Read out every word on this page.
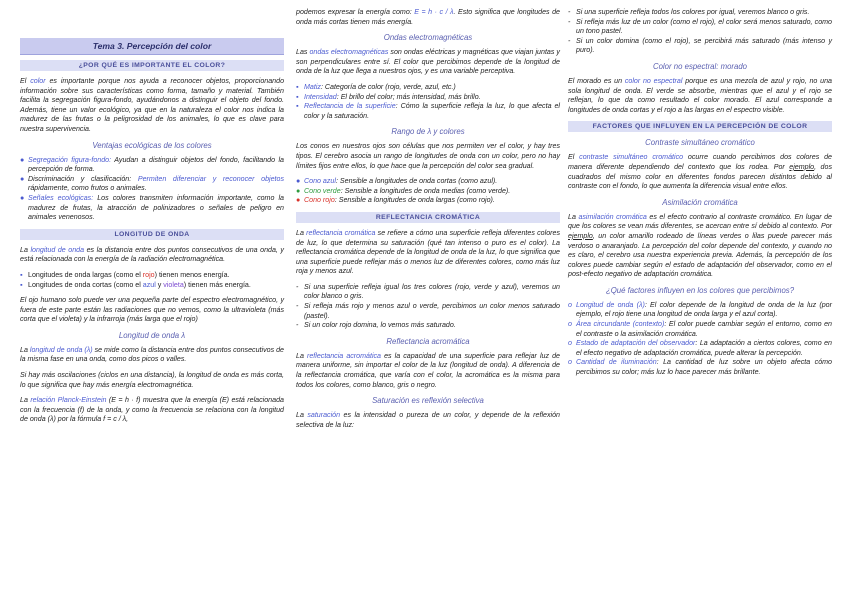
Tema 3. Percepción del color
¿POR QUÉ ES IMPORTANTE EL COLOR?

El color es importante porque nos ayuda a reconocer objetos, proporcionando información sobre sus características como forma, tamaño y material. También facilita la segregación figura-fondo, ayudándonos a distinguir el objeto del fondo. Además, tiene un valor ecológico, ya que en la naturaleza el color nos indica la madurez de las frutas o la peligrosidad de los animales, lo que es clave para nuestra supervivencia.

Ventajas ecológicas de los colores
● Segregación figura-fondo: Ayudan a distinguir objetos del fondo, facilitando la percepción de forma.
● Discriminación y clasificación: Permiten diferenciar y reconocer objetos rápidamente, como frutos o animales.
● Señales ecológicas: Los colores transmiten información importante, como la madurez de frutas, la atracción de polinizadores o señales de peligro en animales venenosos.
LONGITUD DE ONDA

La longitud de onda es la distancia entre dos puntos consecutivos de una onda, y está relacionada con la energía de la radiación electromagnética.

▪ Longitudes de onda largas (como el rojo) tienen menos energía.
▪ Longitudes de onda cortas (como el azul y violeta) tienen más energía.

El ojo humano solo puede ver una pequeña parte del espectro electromagnético, y fuera de este parte están las radiaciones que no vemos, como la ultravioleta (más corta que el violeta) y la infrarroja (más larga que el rojo)

Longitud de onda λ

La longitud de onda (λ) se mide como la distancia entre dos puntos consecutivos de la misma fase en una onda, como dos picos o valles.

Si hay más oscilaciones (ciclos en una distancia), la longitud de onda es más corta, lo que significa que hay más energía electromagnética.

La relación Planck-Einstein (E = h · f) muestra que la energía (E) está relacionada con la frecuencia (f) de la onda, y como la frecuencia se relaciona con la longitud de onda (λ) por la fórmula f = c / λ,

podemos expresar la energía como: E = h · c / λ. Esto significa que longitudes de onda más cortas tienen más energía.

Ondas electromagnéticas

Las ondas electromagnéticas son ondas eléctricas y magnéticas que viajan juntas y son perpendiculares entre sí. El color que percibimos depende de la longitud de onda de la luz que llega a nuestros ojos, y es una variable perceptiva.

▪ Matiz: Categoría de color (rojo, verde, azul, etc.)
▪ Intensidad: El brillo del color; más intensidad, más brillo.
▪ Reflectancia de la superficie: Cómo la superficie refleja la luz, lo que afecta el color y la saturación.
Rango de λ y colores

Los conos en nuestros ojos son células que nos permiten ver el color, y hay tres tipos. El cerebro asocia un rango de longitudes de onda con un color, pero no hay límites fijos entre ellos, lo que hace que la percepción del color sea gradual.

● Cono azul: Sensible a longitudes de onda cortas (como azul).
● Cono verde: Sensible a longitudes de onda medias (como verde).
● Cono rojo: Sensible a longitudes de onda largas (como rojo).
REFLECTANCIA CROMÁTICA

La reflectancia cromática se refiere a cómo una superficie refleja diferentes colores de luz, lo que determina su saturación (qué tan intenso o puro es el color). La reflectancia cromática depende de la longitud de onda de la luz, lo que significa que una superficie puede reflejar más o menos luz de diferentes colores, como más luz roja y menos azul.

- Si una superficie refleja igual los tres colores (rojo, verde y azul), veremos un color blanco o gris.
- Si refleja más rojo y menos azul o verde, percibimos un color menos saturado (pastel).
- Si un color rojo domina, lo vemos más saturado.
Reflectancia acromática

La reflectancia acromática es la capacidad de una superficie para reflejar luz de manera uniforme, sin importar el color de la luz (longitud de onda). A diferencia de la reflectancia cromática, que varía con el color, la acromática es la misma para todos los colores, como blanco, gris o negro.

Saturación es reflexión selectiva

La saturación es la intensidad o pureza de un color, y depende de la reflexión selectiva de la luz:

- Si una superficie refleja todos los colores por igual, veremos blanco o gris.
- Si refleja más luz de un color (como el rojo), el color será menos saturado, como un tono pastel.
- Si un color domina (como el rojo), se percibirá más saturado (más intenso y puro).
Color no espectral: morado

El morado es un color no espectral porque es una mezcla de azul y rojo, no una sola longitud de onda. El verde se absorbe, mientras que el azul y el rojo se reflejan, lo que da como resultado el color morado. El azul corresponde a longitudes de onda cortas y el rojo a las largas en el espectro visible.

FACTORES QUE INFLUYEN EN LA PERCEPCIÓN DE COLOR
Contraste simultáneo cromático

El contraste simultáneo cromático ocurre cuando percibimos dos colores de manera diferente dependiendo del contexto que los rodea. Por ejemplo, dos cuadrados del mismo color en diferentes fondos parecen distintos debido al contraste con el fondo, lo que aumenta la diferencia visual entre ellos.

Asimilación cromática

La asimilación cromática es el efecto contrario al contraste cromático. En lugar de que los colores se vean más diferentes, se acercan entre sí debido al contexto. Por ejemplo, un color amarillo rodeado de líneas verdes o lilas puede parecer más verdoso o anaranjado. La percepción del color depende del contexto, y cuando no es claro, el cerebro usa nuestra experiencia previa. Además, la percepción de los colores puede cambiar según el estado de adaptación del observador, como en el post-efecto negativo de adaptación cromática.

¿Qué factores influyen en los colores que percibimos?
o Longitud de onda (λ): El color depende de la longitud de onda de la luz (por ejemplo, el rojo tiene una longitud de onda larga y el azul corta).
o Área circundante (contexto): El color puede cambiar según el entorno, como en el contraste o la asimilación cromática.
o Estado de adaptación del observador: La adaptación a ciertos colores, como en el efecto negativo de adaptación cromática, puede alterar la percepción.
o Cantidad de iluminación: La cantidad de luz sobre un objeto afecta cómo percibimos su color; más luz lo hace parecer más brillante.
